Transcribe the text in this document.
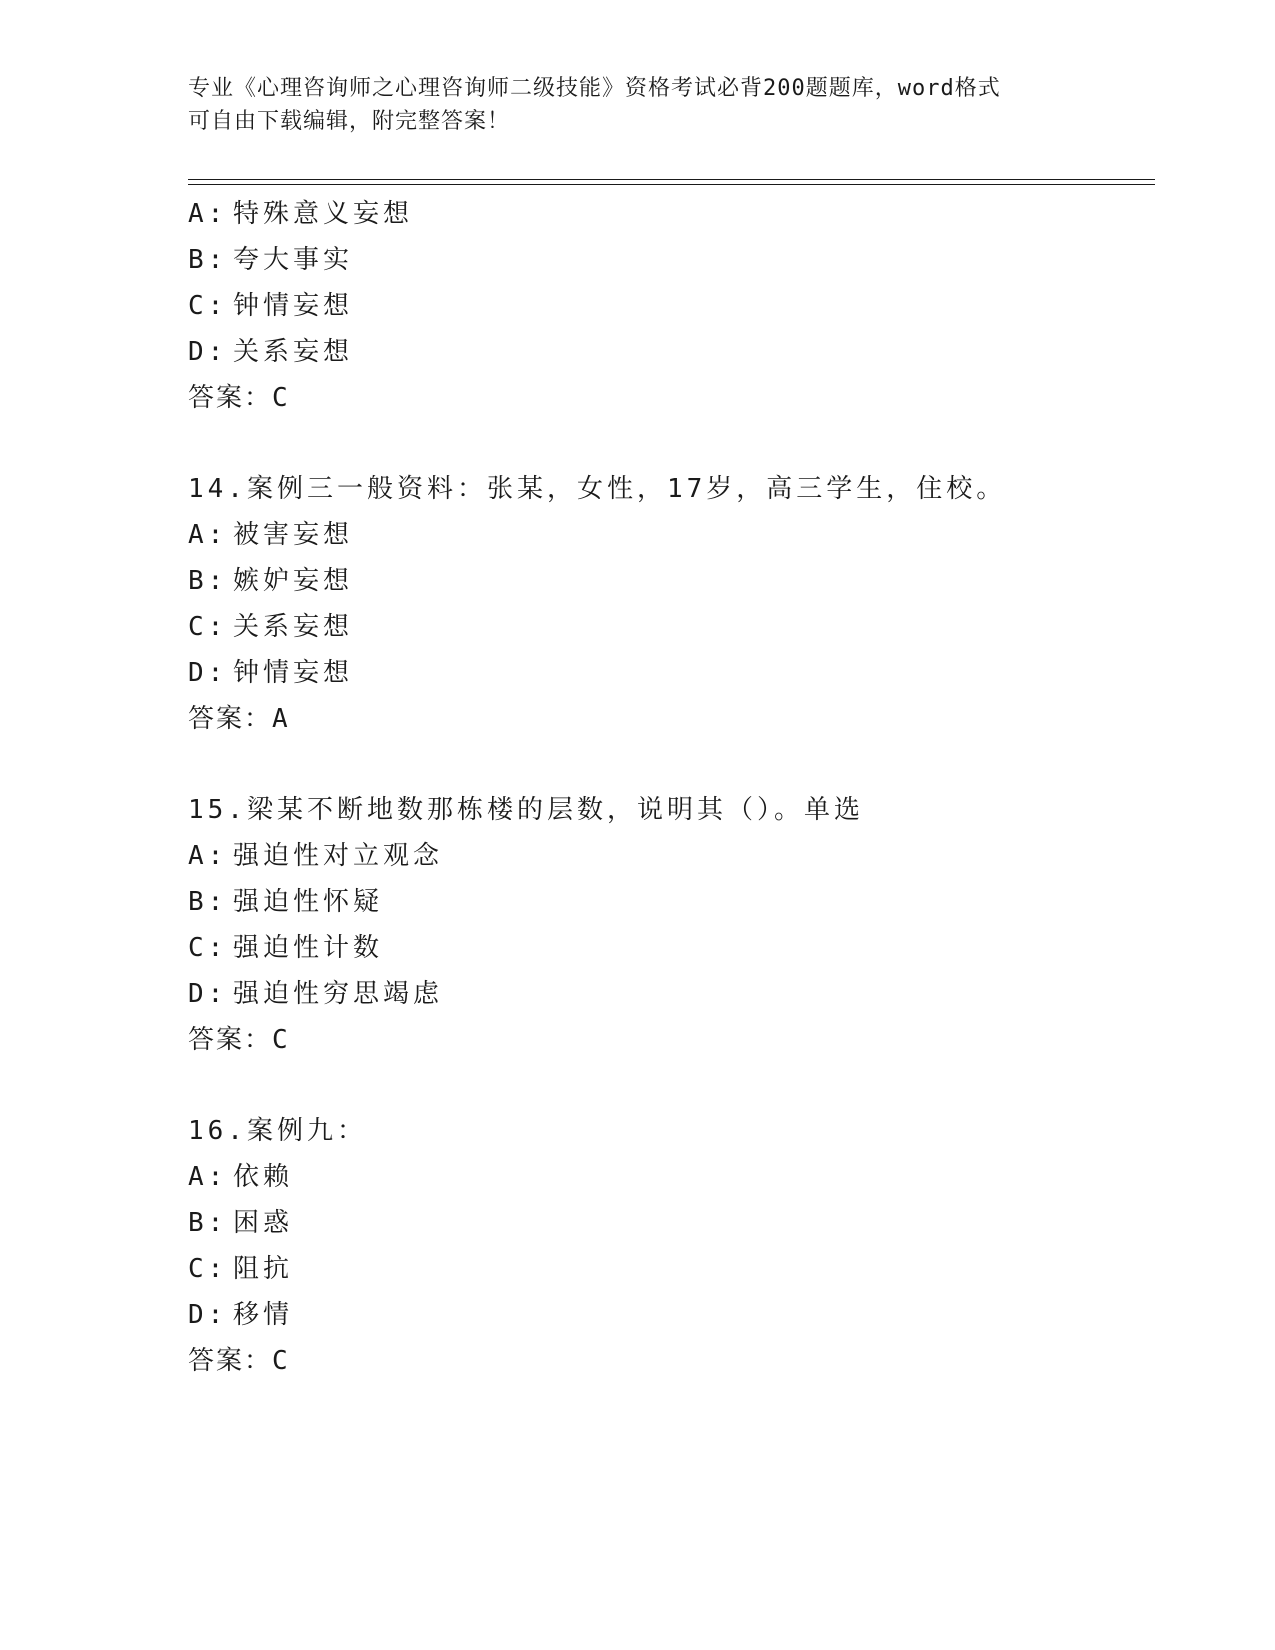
专业《心理咨询师之心理咨询师二级技能》资格考试必背200题题库，word格式
可自由下载编辑，附完整答案！
A: 特殊意义妄想
B: 夸大事实
C: 钟情妄想
D: 关系妄想
答案：C
14.案例三一般资料：张某，女性，17岁，高三学生，住校。
A: 被害妄想
B: 嫉妒妄想
C: 关系妄想
D: 钟情妄想
答案：A
15.梁某不断地数那栋楼的层数，说明其（）。单选
A: 强迫性对立观念
B: 强迫性怀疑
C: 强迫性计数
D: 强迫性穷思竭虑
答案：C
16.案例九：
A: 依赖
B: 困惑
C: 阻抗
D: 移情
答案：C
